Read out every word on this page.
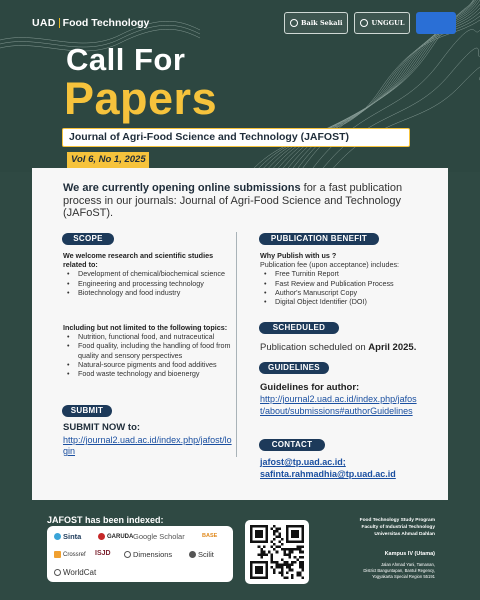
UAD Food Technology	Baik Sekali	UNGGUL
Call For
Papers
Journal of Agri-Food Science and Technology (JAFOST)
Vol 6, No 1, 2025
We are currently opening online submissions for a fast publication process in our journals: Journal of Agri-Food Science and Technology (JAFoST).
SCOPE
We welcome research and scientific studies related to:
• Development of chemical/biochemical science
• Engineering and processing technology
• Biotechnology and food industry
Including but not limited to the following topics:
• Nutrition, functional food, and nutraceutical
• Food quality, including the handling of food from quality and sensory perspectives
• Natural-source pigments and food additives
• Food waste technology and bioenergy
SUBMIT
SUBMIT NOW to:
http://journal2.uad.ac.id/index.php/jafost/login
PUBLICATION BENEFIT
Why Publish with us ?
Publication fee (upon acceptance) includes:
• Free Turnitin Report
• Fast Review and Publication Process
• Author's Manuscript Copy
• Digital Object Identifier (DOI)
SCHEDULED
Publication scheduled on April 2025.
GUIDELINES
Guidelines for author:
http://journal2.uad.ac.id/index.php/jafost/about/submissions#authorGuidelines
CONTACT
jafost@tp.uad.ac.id;
safinta.rahmadhia@tp.uad.ac.id
JAFOST has been indexed:
Sinta	GARUDA Google Scholar	BASE
Crossref ISJD	Dimensions	Scilit
WorldCat
Food Technology Study Program
Faculty of Industrial Technology
Universitas Ahmad Dahlan
Kampus IV (Utama)
Jalan Ahmad Yani, Tamanan,
District Banguntapan, Bantul Regency,
Yogyakarta Special Region 55191
